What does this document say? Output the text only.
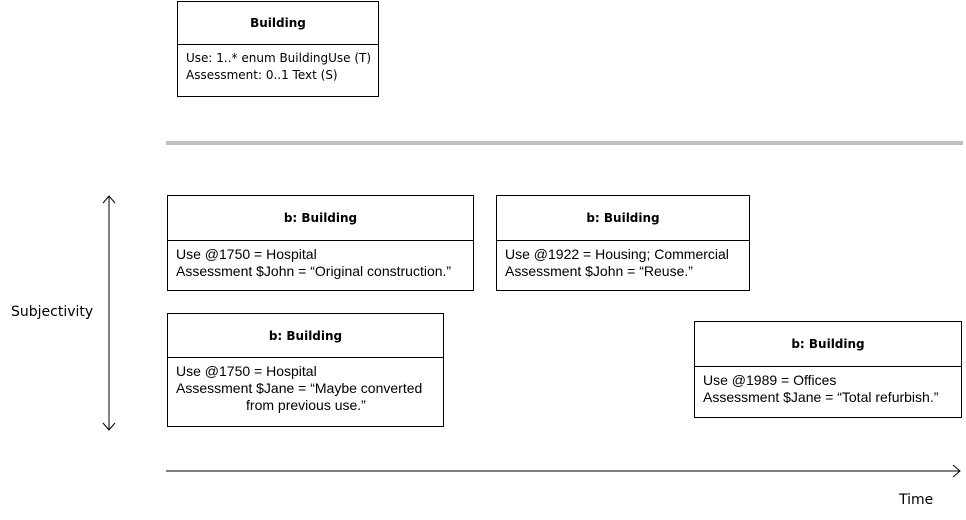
Building
Use: 1..* enum BuildingUse (T)
Assessment: 0..1 Text (S)
b: Building
Use @1750 = Hospital
Assessment $John = “Original construction.”
b: Building
Use @1922 = Housing; Commercial
Assessment $John = “Reuse.”
b: Building
Use @1750 = Hospital
Assessment $Jane = “Maybe converted
from previous use.”
b: Building
Use @1989 = Offices
Assessment $Jane = “Total refurbish.”
Subjectivity
Time
